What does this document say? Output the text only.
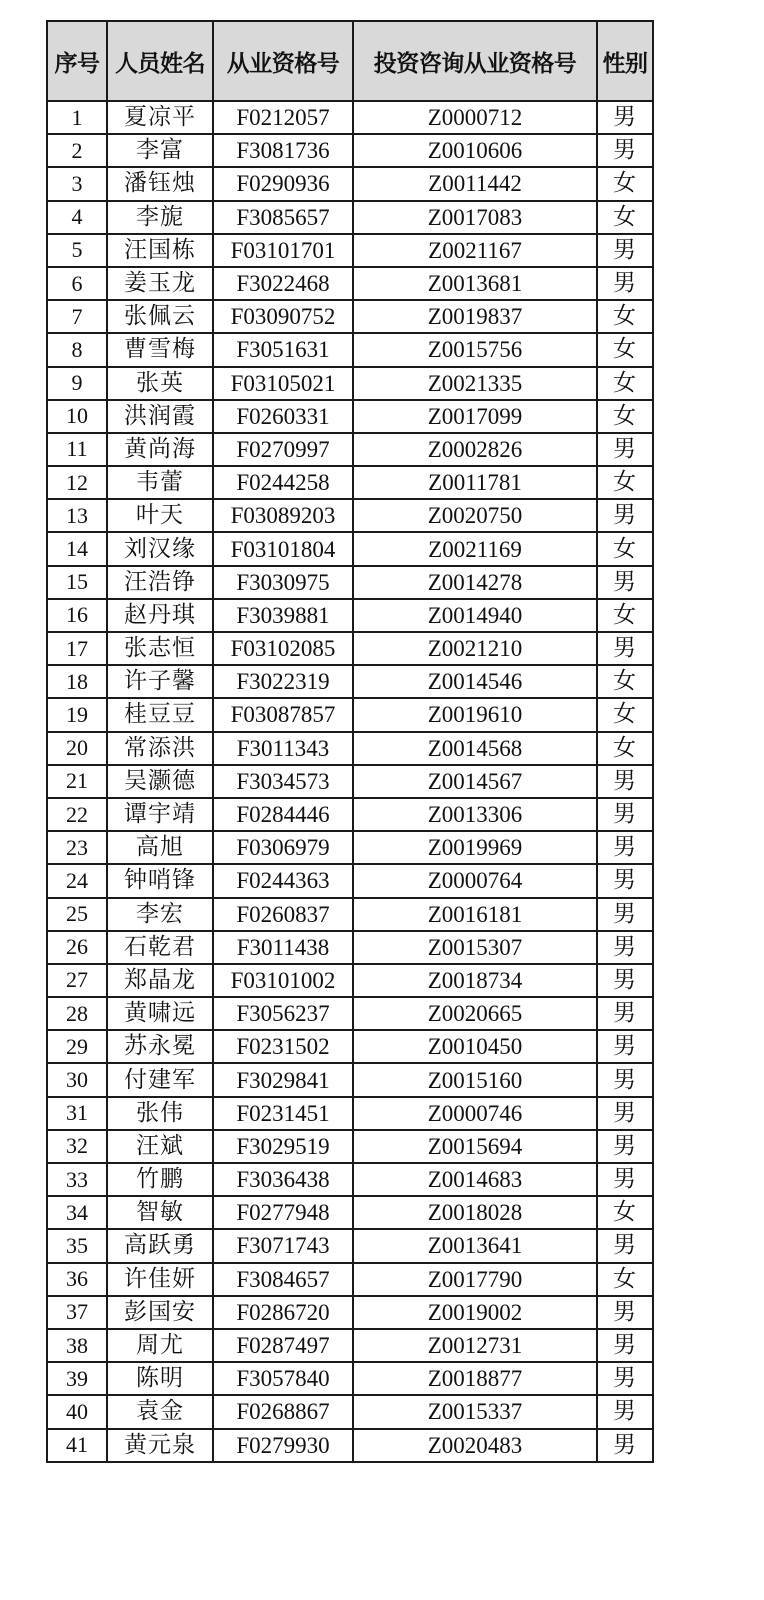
序号	人员姓名	从业资格号	投资咨询从业资格号	性别
1	夏凉平	F0212057	Z0000712	男
2	李富	F3081736	Z0010606	男
3	潘钰烛	F0290936	Z0011442	女
4	李旎	F3085657	Z0017083	女
5	汪国栋	F03101701	Z0021167	男
6	姜玉龙	F3022468	Z0013681	男
7	张佩云	F03090752	Z0019837	女
8	曹雪梅	F3051631	Z0015756	女
9	张英	F03105021	Z0021335	女
10	洪润霞	F0260331	Z0017099	女
11	黄尚海	F0270997	Z0002826	男
12	韦蕾	F0244258	Z0011781	女
13	叶天	F03089203	Z0020750	男
14	刘汉缘	F03101804	Z0021169	女
15	汪浩铮	F3030975	Z0014278	男
16	赵丹琪	F3039881	Z0014940	女
17	张志恒	F03102085	Z0021210	男
18	许子馨	F3022319	Z0014546	女
19	桂豆豆	F03087857	Z0019610	女
20	常添洪	F3011343	Z0014568	女
21	吴灏德	F3034573	Z0014567	男
22	谭宇靖	F0284446	Z0013306	男
23	高旭	F0306979	Z0019969	男
24	钟哨锋	F0244363	Z0000764	男
25	李宏	F0260837	Z0016181	男
26	石乾君	F3011438	Z0015307	男
27	郑晶龙	F03101002	Z0018734	男
28	黄啸远	F3056237	Z0020665	男
29	苏永冕	F0231502	Z0010450	男
30	付建军	F3029841	Z0015160	男
31	张伟	F0231451	Z0000746	男
32	汪斌	F3029519	Z0015694	男
33	竹鹏	F3036438	Z0014683	男
34	智敏	F0277948	Z0018028	女
35	高跃勇	F3071743	Z0013641	男
36	许佳妍	F3084657	Z0017790	女
37	彭国安	F0286720	Z0019002	男
38	周尤	F0287497	Z0012731	男
39	陈明	F3057840	Z0018877	男
40	袁金	F0268867	Z0015337	男
41	黄元泉	F0279930	Z0020483	男
